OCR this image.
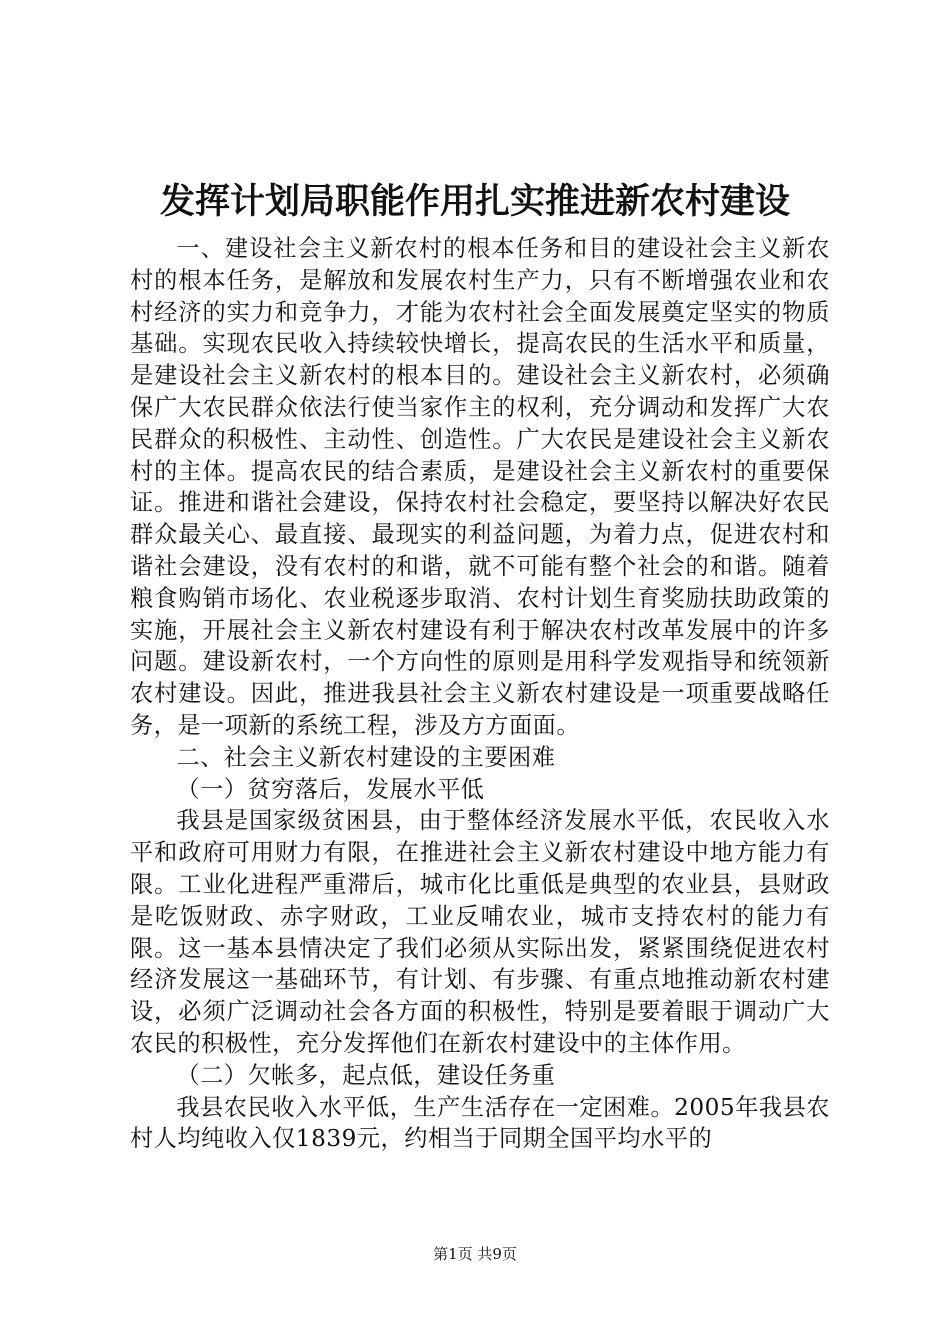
发挥计划局职能作用扎实推进新农村建设

一、建设社会主义新农村的根本任务和目的建设社会主义新农村的根本任务，是解放和发展农村生产力，只有不断增强农业和农村经济的实力和竞争力，才能为农村社会全面发展奠定坚实的物质基础。实现农民收入持续较快增长，提高农民的生活水平和质量，是建设社会主义新农村的根本目的。建设社会主义新农村，必须确保广大农民群众依法行使当家作主的权利，充分调动和发挥广大农民群众的积极性、主动性、创造性。广大农民是建设社会主义新农村的主体。提高农民的结合素质，是建设社会主义新农村的重要保证。推进和谐社会建设，保持农村社会稳定，要坚持以解决好农民群众最关心、最直接、最现实的利益问题，为着力点，促进农村和谐社会建设，没有农村的和谐，就不可能有整个社会的和谐。随着粮食购销市场化、农业税逐步取消、农村计划生育奖励扶助政策的实施，开展社会主义新农村建设有利于解决农村改革发展中的许多问题。建设新农村，一个方向性的原则是用科学发观指导和统领新农村建设。因此，推进我县社会主义新农村建设是一项重要战略任务，是一项新的系统工程，涉及方方面面。

二、社会主义新农村建设的主要困难

（一）贫穷落后，发展水平低

我县是国家级贫困县，由于整体经济发展水平低，农民收入水平和政府可用财力有限，在推进社会主义新农村建设中地方能力有限。工业化进程严重滞后，城市化比重低是典型的农业县，县财政是吃饭财政、赤字财政，工业反哺农业，城市支持农村的能力有限。这一基本县情决定了我们必须从实际出发，紧紧围绕促进农村经济发展这一基础环节，有计划、有步骤、有重点地推动新农村建设，必须广泛调动社会各方面的积极性，特别是要着眼于调动广大农民的积极性，充分发挥他们在新农村建设中的主体作用。

（二）欠帐多，起点低，建设任务重

我县农民收入水平低，生产生活存在一定困难。2005年我县农村人均纯收入仅1839元，约相当于同期全国平均水平的

第1页 共9页
